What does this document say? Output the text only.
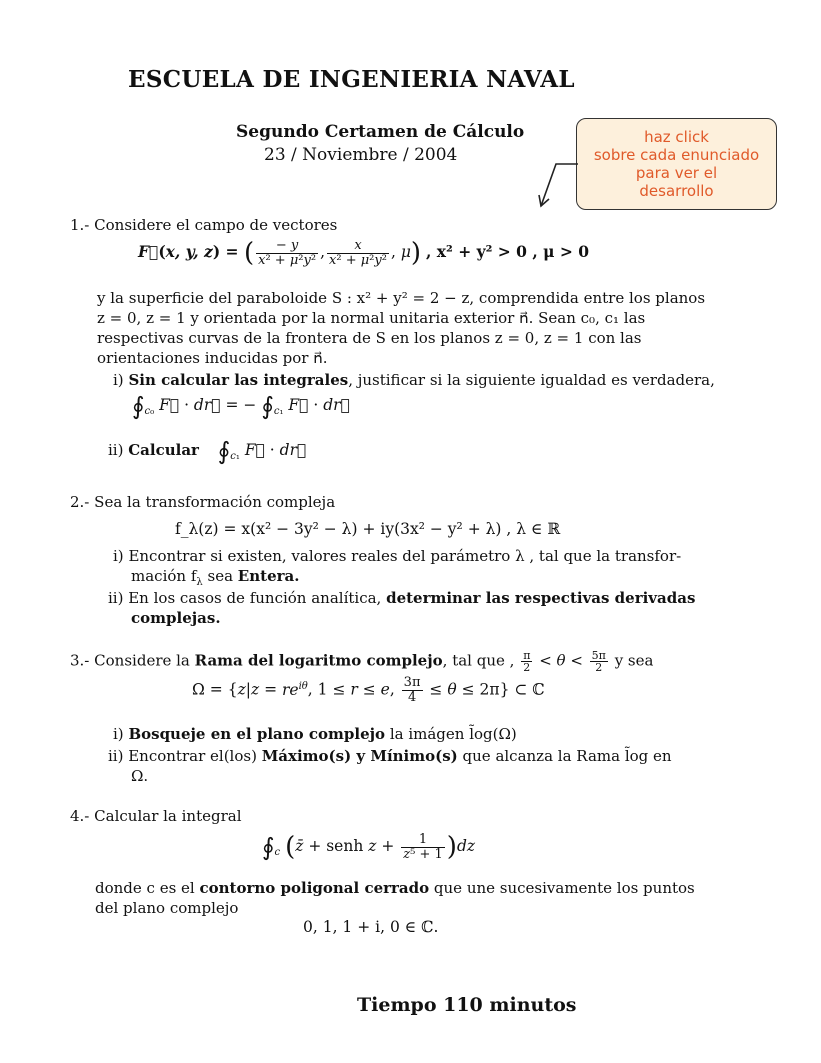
ESCUELA DE INGENIERIA NAVAL
Segundo Certamen de Cálculo
23 / Noviembre / 2004
haz click
sobre cada enunciado
para ver el
desarrollo
1.- Considere el campo de vectores
F⃗(x, y, z) = ( $\frac{- y}{\text{x² + μ²y²}}$ , $\frac{x}{\text{x² + μ²y²}}$ , μ) , x² + y² > 0 , μ > 0
y la superficie del paraboloide S : x² + y² = 2 − z, comprendida entre los planos
z = 0, z = 1 y orientada por la normal unitaria exterior n⃗. Sean c₀, c₁ las
respectivas curvas de la frontera de S en los planos z = 0, z = 1 con las
orientaciones inducidas por n⃗.
i) Sin calcular las integrales, justificar si la siguiente igualdad es verdadera,
$∮_{c_0}$ F⃗ · dr⃗ = − $∮_{c_1}$ F⃗ · dr⃗
ii) Calcular $∮_{c_1}$ F⃗ · dr⃗
2.- Sea la transformación compleja
f_λ(z) = x(x² − 3y² − λ) + iy(3x² − y² + λ) , λ ∈ ℝ
i) Encontrar si existen, valores reales del parámetro λ , tal que la transfor-
mación $f_\lambda$ sea Entera.
ii) En los casos de función analítica, determinar las respectivas derivadas
complejas.
3.- Considere la Rama del logaritmo complejo, tal que , $\frac{\pi}{2} < \theta < \frac{5\pi}{2}$ y sea
$\Omega = \{z|z = re^{i\theta}$, 1 ≤ r ≤ e, $\frac{3\pi}{4} \le \theta \le 2\pi$} ⊂ ℂ
i) Bosqueje en el plano complejo la imágen l̃og(Ω)
ii) Encontrar el(los) Máximo(s) y Mínimo(s) que alcanza la Rama l̃og en
Ω.
4.- Calcular la integral
$∮_c$ (z̄ + senh $z + \frac{1}{\text{z⁵ + 1}} )dz$
donde c es el contorno poligonal cerrado que une sucesivamente los puntos
del plano complejo
0, 1, 1 + i, 0 ∈ ℂ.
Tiempo 110 minutos
